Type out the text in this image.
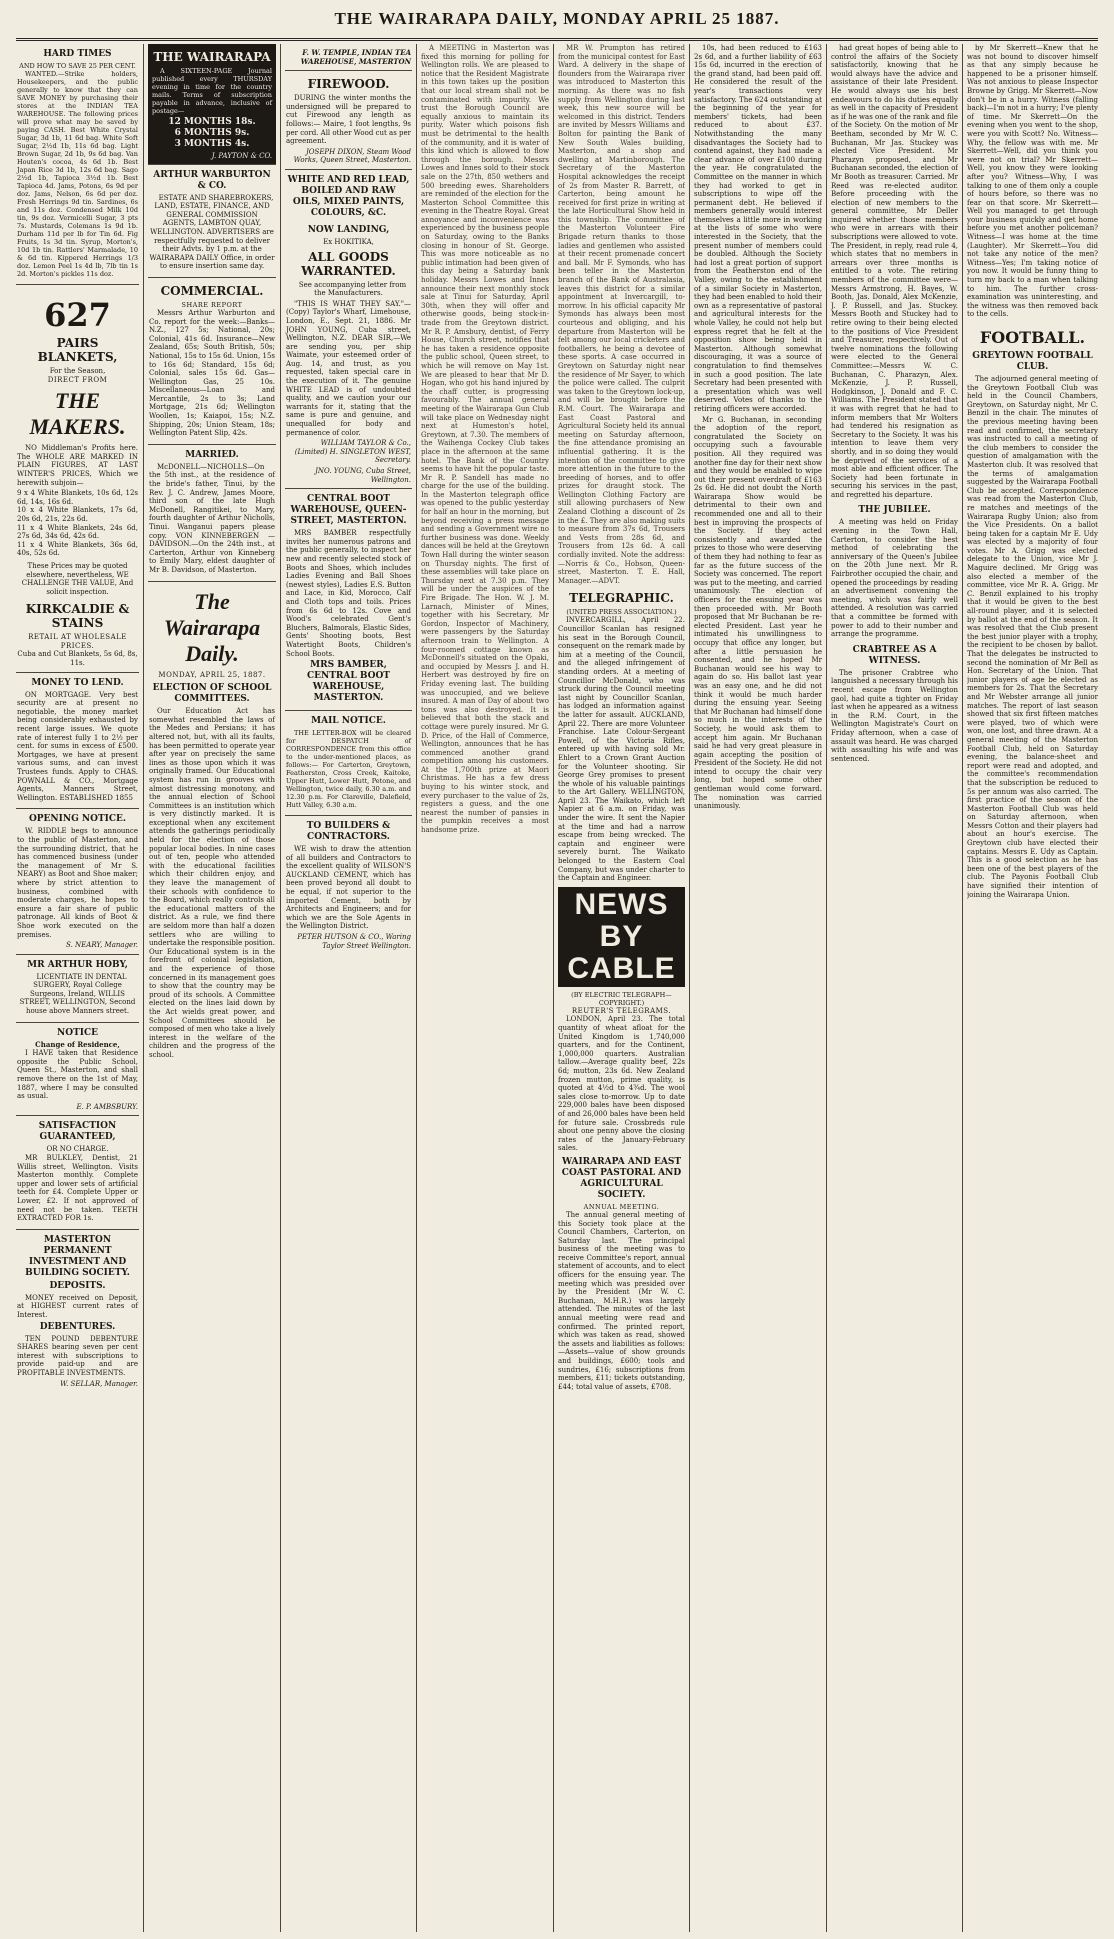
THE WAIRARAPA DAILY, MONDAY APRIL 25 1887.
HARD TIMES
AND HOW TO SAVE 25 PER CENT.
WANTED.—Strike holders, Housekeepers, and the public generally to know that they can SAVE MONEY by purchasing their stores at the INDIAN TEA WAREHOUSE. The following prices will prove what may be saved by paying CASH. Best White Crystal Sugar, 3d 1b, 11 6d bag. White Soft Sugar, 2½d 1b, 11s 6d bag. Light Brown Sugar, 2d 1b, 9s 6d bag. Van Houten's cocoa, 4s 6d 1b. Best Japan Rice 3d 1b, 12s 6d bag. Sago 2½d 1b, Tapioca 3½d 1b. Best Tapioca 4d. Jams, Potons, 6s 9d per doz. Jams, Nelson, 6s 6d per doz. Fresh Herrings 9d tin. Sardines, 6s and 11s doz. Condensed Milk 10d tin, 9s doz. Vermicelli Sugar, 3 pts 7s. Mustards, Colemans 1s 9d 1b. Durham 11d per lb for Tin 6d. Fig Fruits, 1s 3d tin. Syrup, Morton's, 10d 1b tin. Rattlers' Marmalade, 10 & 6d tin. Kippered Herrings 1/3 doz. Lemon Peel 1s 4d lb, 7lb tin 1s 2d. Morton's pickles 11s doz.
627
PAIRS BLANKETS,
For the Season,
DIRECT FROM
THE MAKERS.
NO Middleman's Profits here. The WHOLE ARE MARKED IN PLAIN FIGURES, AT LAST WINTER'S PRICES, Which we herewith subjoin—
9 x 4 White Blankets, 10s 6d, 12s 6d, 14s, 16s 6d.
10 x 4 White Blankets, 17s 6d, 20s 6d, 21s, 22s 6d.
11 x 4 White Blankets, 24s 6d, 27s 6d, 34s 6d, 42s 6d.
11 x 4 White Blankets, 36s 6d, 40s, 52s 6d.
These Prices may be quoted elsewhere, nevertheless, WE CHALLENGE THE VALUE, And solicit inspection.
KIRKCALDIE & STAINS
RETAIL AT WHOLESALE PRICES.
Cuba and Cut Blankets, 5s 6d, 8s, 11s.
MONEY TO LEND.
ON MORTGAGE. Very best security are at present no negotiable, the money market being considerably exhausted by recent large issues. We quote rate of interest fully 1 to 2½ per cent. for sums in excess of £500. Mortgages, we have at present various sums, and can invest Trustees funds. Apply to CHAS. POWNALL & CO., Mortgage Agents, Manners Street, Wellington. ESTABLISHED 1855
OPENING NOTICE.
W. RIDDLE begs to announce to the public of Masterton, and the surrounding district, that he has commenced business (under the management of Mr S. NEARY) as Boot and Shoe maker; where by strict attention to business, combined with moderate charges, he hopes to ensure a fair share of public patronage. All kinds of Boot & Shoe work executed on the premises.
S. NEARY, Manager.
MR ARTHUR HOBY,
LICENTIATE IN DENTAL SURGERY, Royal College Surgeons, Ireland, WILLIS STREET, WELLINGTON, Second house above Manners street.
NOTICE
Change of Residence,
I HAVE taken that Residence opposite the Public School, Queen St., Masterton, and shall remove there on the 1st of May, 1887, where I may be consulted as usual.
E. P. AMBSBURY.
SATISFACTION GUARANTEED,
OR NO CHARGE.
MR BULKLEY, Dentist, 21 Willis street, Wellington. Visits Masterton monthly. Complete upper and lower sets of artificial teeth for £4. Complete Upper or Lower, £2. If not approved of need not be taken. TEETH EXTRACTED FOR 1s.
MASTERTON PERMANENT INVESTMENT AND BUILDING SOCIETY.
DEPOSITS.
MONEY received on Deposit, at HIGHEST current rates of Interest.
DEBENTURES.
TEN POUND DEBENTURE SHARES bearing seven per cent interest with subscriptions to provide paid-up and are PROFITABLE INVESTMENTS.
W. SELLAR, Manager.
THE WAIRARAPA
A SIXTEEN-PAGE Journal published every THURSDAY evening in time for the country mails. Terms of subscription payable in advance, inclusive of postage—
12 MONTHS 18s.
6 MONTHS 9s.
3 MONTHS 4s.
J. PAYTON & CO.
ARTHUR WARBURTON & CO.
ESTATE AND SHAREBROKERS, LAND, ESTATE, FINANCE, AND GENERAL COMMISSION AGENTS, LAMBTON QUAY, WELLINGTON. ADVERTISERS are respectfully requested to deliver their Advts. by 1 p.m. at the WAIRARAPA DAILY Office, in order to ensure insertion same day.
COMMERCIAL.
SHARE REPORT
Messrs Arthur Warburton and Co. report for the week:—Banks—N.Z., 127 5s; National, 20s; Colonial, 41s 6d. Insurance—New Zealand, 65s; South British, 50s; National, 15s to 15s 6d. Union, 15s to 16s 6d; Standard, 15s 6d; Colonial, sales 15s 6d. Gas—Wellington Gas, 25 10s. Miscellaneous—Loan and Mercantile, 2s to 3s; Land Mortgage, 21s 6d; Wellington Woollen, 1s; Kaiapoi, 15s; N.Z. Shipping, 20s; Union Steam, 18s; Wellington Patent Slip, 42s.
MARRIED.
McDONELL—NICHOLLS—On the 5th inst., at the residence of the bride's father, Tinui, by the Rev. J. C. Andrew, James Moore, third son of the late Hugh McDonell, Rangitikei, to Mary, fourth daughter of Arthur Nicholls, Tinui. Wanganui papers please copy. VON KINNEBERGEN — DAVIDSON.—On the 24th inst., at Carterton, Arthur von Kinneberg to Emily Mary, eldest daughter of Mr B. Davidson, of Masterton.
The Wairarapa Daily.
MONDAY, APRIL 25, 1887.
ELECTION OF SCHOOL COMMITTEES.
Our Education Act has somewhat resembled the laws of the Medes and Persians; it has altered not, but, with all its faults, has been permitted to operate year after year on precisely the same lines as those upon which it was originally framed. Our Educational system has run in grooves with almost distressing monotony, and the annual election of School Committees is an institution which is very distinctly marked. It is exceptional when any excitement attends the gatherings periodically held for the election of those popular local bodies. In nine cases out of ten, people who attended with the educational facilities which their children enjoy, and they leave the management of their schools with confidence to the Board, which really controls all the educational matters of the district. As a rule, we find there are seldom more than half a dozen settlers who are willing to undertake the responsible position. Our Educational system is in the forefront of colonial legislation, and the experience of those concerned in its management goes to show that the country may be proud of its schools. A Committee elected on the lines laid down by the Act wields great power, and School Committees should be composed of men who take a lively interest in the welfare of the children and the progress of the school.
F. W. TEMPLE, INDIAN TEA WAREHOUSE, MASTERTON
FIREWOOD.
DURING the winter months the undersigned will be prepared to cut Firewood any length as follows:— Maire, 1 foot lengths, 9s per cord. All other Wood cut as per agreement.
JOSEPH DIXON, Steam Wood Works, Queen Street, Masterton.
WHITE AND RED LEAD, BOILED AND RAW OILS, MIXED PAINTS, COLOURS, &C.
NOW LANDING,
Ex HOKITIKA,
ALL GOODS WARRANTED.
See accompanying letter from the Manufacturers.
"THIS IS WHAT THEY SAY."— (Copy) Taylor's Wharf, Limehouse, London, E., Sept. 21, 1886. Mr JOHN YOUNG, Cuba street, Wellington, N.Z. DEAR SIR,—We are sending you, per ship Waimate, your esteemed order of Aug. 14, and trust, as you requested, taken special care in the execution of it. The genuine WHITE LEAD is of undoubted quality, and we caution your our warrants for it, stating that the same is pure and genuine, and unequalled for body and permanence of color.
WILLIAM TAYLOR & Co., (Limited) H. SINGLETON WEST, Secretary.
JNO. YOUNG, Cuba Street, Wellington.
CENTRAL BOOT WAREHOUSE, QUEEN-STREET, MASTERTON.
MRS BAMBER respectfully invites her numerous patrons and the public generally, to inspect her new and recently selected stock of Boots and Shoes, which includes Ladies Evening and Ball Shoes (newest styles), Ladies E.S. Button and Lace, in Kid, Morocco, Calf and Cloth tops and toils. Prices from 6s 6d to 12s. Cove and Wood's celebrated Gent's Bluchers, Balmorals, Elastic Sides, Gents' Shooting boots, Best Watertight Boots, Children's School Boots.
MRS BAMBER, CENTRAL BOOT WAREHOUSE, MASTERTON.
MAIL NOTICE.
THE LETTER-BOX will be cleared for DESPATCH of CORRESPONDENCE from this office to the under-mentioned places, as follows:— For Carterton, Greytown, Featherston, Cross Creek, Kaitoke, Upper Hutt, Lower Hutt, Petone, and Wellington, twice daily, 6.30 a.m. and 12.30 p.m. For Clareville, Dalefield, Hutt Valley, 6.30 a.m.
TO BUILDERS & CONTRACTORS.
WE wish to draw the attention of all builders and Contractors to the excellent quality of WILSON'S AUCKLAND CEMENT, which has been proved beyond all doubt to be equal, if not superior to the imported Cement, both by Architects and Engineers; and for which we are the Sole Agents in the Wellington District.
PETER HUTSON & CO., Waring Taylor Street Wellington.
A MEETING in Masterton was fixed this morning for polling for Wellington rolls. We are pleased to notice that the Resident Magistrate in this town takes up the position that our local stream shall not be contaminated with impurity. We trust the Borough Council are equally anxious to maintain its purity. Water which poisons fish must be detrimental to the health of the community, and it is water of this kind which is allowed to flow through the borough. Messrs Lowes and Innes sold to their stock sale on the 27th, 850 wethers and 500 breeding ewes. Shareholders are reminded of the election for the Masterton School Committee this evening in the Theatre Royal. Great annoyance and inconvenience was experienced by the business people on Saturday, owing to the Banks closing in honour of St. George. This was more noticeable as no public intimation had been given of this day being a Saturday bank holiday. Messrs Lowes and Innes announce their next monthly stock sale at Tinui for Saturday, April 30th, when they will offer and otherwise goods, being stock-in-trade from the Greytown district. Mr R. P. Amsbury, dentist, of Ferry House, Church street, notifies that he has taken a residence opposite the public school, Queen street, to which he will remove on May 1st. We are pleased to hear that Mr D. Hogan, who got his hand injured by the chaff cutter, is progressing favourably. The annual general meeting of the Wairarapa Gun Club will take place on Wednesday night next at Humeston's hotel, Greytown, at 7.30. The members of the Waihenga Cockey Club takes place in the afternoon at the same hotel. The Bank of the Country seems to have hit the popular taste. Mr R. P. Sandell has made no charge for the use of the building. In the Masterton telegraph office was opened to the public yesterday for half an hour in the morning, but beyond receiving a press message and sending a Government wire no further business was done. Weekly dances will be held at the Greytown Town Hall during the winter season on Thursday nights. The first of these assemblies will take place on Thursday next at 7.30 p.m. They will be under the auspices of the Fire Brigade. The Hon. W. J. M. Larnach, Minister of Mines, together with his Secretary, Mr Gordon, Inspector of Machinery, were passengers by the Saturday afternoon train to Wellington. A four-roomed cottage known as McDonnell's situated on the Opaki, and occupied by Messrs J. and H. Herbert was destroyed by fire on Friday evening last. The building was unoccupied, and we believe insured. A man of Day of about two tons was also destroyed. It is believed that both the stack and cottage were purely insured. Mr G. D. Price, of the Hall of Commerce, Wellington, announces that he has commenced another grand competition among his customers. At the 1,700th prize at Maori Christmas. He has a few dress buying to his winter stock, and every purchaser to the value of 2s, registers a guess, and the one nearest the number of pansies in the pumpkin receives a most handsome prize.
MR W. Prumpton has retired from the municipal contest for East Ward. A delivery in the shape of flounders from the Wairarapa river was introduced to Masterton this morning. As there was no fish supply from Wellington during last week, this new source will be welcomed in this district. Tenders are invited by Messrs Williams and Bolton for painting the Bank of New South Wales building, Masterton, and a shop and dwelling at Martinborough. The Secretary of the Masterton Hospital acknowledges the receipt of 2s from Master R. Barrett, of Carterton, being amount he received for first prize in writing at the late Horticultural Show held in this township. The committee of the Masterton Volunteer Fire Brigade return thanks to those ladies and gentlemen who assisted at their recent promenade concert and ball. Mr F. Symonds, who has been teller in the Masterton branch of the Bank of Australasia, leaves this district for a similar appointment at Invercargill, to-morrow. In his official capacity Mr Symonds has always been most courteous and obliging, and his departure from Masterton will be felt among our local cricketers and footballers, he being a devotee of these sports. A case occurred in Greytown on Saturday night near the residence of Mr Sayer, to which the police were called. The culprit was taken to the Greytown lock-up, and will be brought before the R.M. Court. The Wairarapa and East Coast Pastoral and Agricultural Society held its annual meeting on Saturday afternoon, the fine attendance promising an influential gathering. It is the intention of the committee to give more attention in the future to the breeding of horses, and to offer prizes for draught stock. The Wellington Clothing Factory are still allowing purchasers of New Zealand Clothing a discount of 2s in the £. They are also making suits to measure from 37s 6d, Trousers and Vests from 28s 6d, and Trousers from 12s 6d. A call cordially invited. Note the address:—Norris & Co., Hobson, Queen-street, Masterton. T. E. Hall, Manager.—ADVT.
TELEGRAPHIC.
(UNITED PRESS ASSOCIATION.)
INVERCARGILL, April 22. Councillor Scanlan has resigned his seat in the Borough Council, consequent on the remark made by him at a meeting of the Council, and the alleged infringement of standing orders. At a meeting of Councillor McDonald, who was struck during the Council meeting last night by Councillor Scanlan, has lodged an information against the latter for assault. AUCKLAND, April 22. There are more Volunteer Franchise. Late Colour-Sergeant Powell, of the Victoria Rifles, entered up with having sold Mr. Ehlert to a Crown Grant Auction for the Volunteer shooting. Sir George Grey promises to present the whole of his valuable paintings to the Art Gallery. WELLINGTON, April 23. The Waikato, which left Napier at 6 a.m. on Friday, was under the wire. It sent the Napier at the time and had a narrow escape from being wrecked. The captain and engineer were severely burnt. The Waikato belonged to the Eastern Coal Company, but was under charter to the Captain and Engineer.
NEWS BY CABLE
(BY ELECTRIC TELEGRAPH—COPYRIGHT.)
REUTER'S TELEGRAMS.
LONDON, April 23. The total quantity of wheat afloat for the United Kingdom is 1,740,000 quarters, and for the Continent, 1,000,000 quarters. Australian tallow.—Average quality beef, 22s 6d; mutton, 23s 6d. New Zealand frozen mutton, prime quality, is quoted at 4½d to 4¾d. The wool sales close to-morrow. Up to date 229,000 bales have been disposed of and 26,000 bales have been held for future sale. Crossbreds rule about one penny above the closing rates of the January-February sales.
WAIRARAPA AND EAST COAST PASTORAL AND AGRICULTURAL SOCIETY.
ANNUAL MEETING.
The annual general meeting of this Society took place at the Council Chambers, Carterton, on Saturday last. The principal business of the meeting was to receive Committee's report, annual statement of accounts, and to elect officers for the ensuing year. The meeting which was presided over by the President (Mr W. C. Buchanan, M.H.R.) was largely attended. The minutes of the last annual meeting were read and confirmed. The printed report, which was taken as read, showed the assets and liabilities as follows:—Assets—value of show grounds and buildings, £600; tools and sundries, £16; subscriptions from members, £11; tickets outstanding, £44; total value of assets, £708.
10s, had been reduced to £163 2s 6d, and a further liability of £63 15s 6d, incurred in the erection of the grand stand, had been paid off. He considered the result of the year's transactions very satisfactory. The 624 outstanding at the beginning of the year for members' tickets, had been reduced to about £37. Notwithstanding the many disadvantages the Society had to contend against, they had made a clear advance of over £100 during the year. He congratulated the Committee on the manner in which they had worked to get in subscriptions to wipe off the permanent debt. He believed if members generally would interest themselves a little more in working at the lists of some who were interested in the Society, that the present number of members could be doubled. Although the Society had lost a great portion of support from the Featherston end of the Valley, owing to the establishment of a similar Society in Masterton, they had been enabled to hold their own as a representative of pastoral and agricultural interests for the whole Valley, he could not help but express regret that he felt at the opposition show being held in Masterton. Although somewhat discouraging, it was a source of congratulation to find themselves in such a good position. The late Secretary had been presented with a presentation which was well deserved. Votes of thanks to the retiring officers were accorded.
Mr G. Buchanan, in seconding the adoption of the report, congratulated the Society on occupying such a favourable position. All they required was another fine day for their next show and they would be enabled to wipe out their present overdraft of £163 2s 6d. He did not doubt the North Wairarapa Show would be detrimental to their own and recommended one and all to their best in improving the prospects of the Society. If they acted consistently and awarded the prizes to those who were deserving of them they had nothing to fear as far as the future success of the Society was concerned. The report was put to the meeting, and carried unanimously. The election of officers for the ensuing year was then proceeded with. Mr Booth proposed that Mr Buchanan be re-elected President. Last year he intimated his unwillingness to occupy that office any longer, but after a little persuasion he consented, and he hoped Mr Buchanan would see his way to again do so. His ballot last year was an easy one, and he did not think it would be much harder during the ensuing year. Seeing that Mr Buchanan had himself done so much in the interests of the Society, he would ask them to accept him again. Mr Buchanan said he had very great pleasure in again accepting the position of President of the Society. He did not intend to occupy the chair very long, but hoped some other gentleman would come forward. The nomination was carried unanimously.
had great hopes of being able to control the affairs of the Society satisfactorily, knowing that he would always have the advice and assistance of their late President. He would always use his best endeavours to do his duties equally as well in the capacity of President as if he was one of the rank and file of the Society. On the motion of Mr Beetham, seconded by Mr W. C. Buchanan, Mr Jas. Stuckey was elected Vice President. Mr Pharazyn proposed, and Mr Buchanan seconded, the election of Mr Booth as treasurer. Carried. Mr Reed was re-elected auditor. Before proceeding with the election of new members to the general committee, Mr Deller inquired whether those members who were in arrears with their subscriptions were allowed to vote. The President, in reply, read rule 4, which states that no members in arrears over three months is entitled to a vote. The retiring members of the committee were—Messrs Armstrong, H. Bayes, W. Booth, Jas. Donald, Alex McKenzie, J. P. Russell, and Jas. Stuckey. Messrs Booth and Stuckey had to retire owing to their being elected to the positions of Vice President and Treasurer, respectively. Out of twelve nominations the following were elected to the General Committee:—Messrs W. C. Buchanan, C. Pharazyn, Alex. McKenzie, J. P. Russell, Hodgkinson, J. Donald and F. C. Williams. The President stated that it was with regret that he had to inform members that Mr Wolters had tendered his resignation as Secretary to the Society. It was his intention to leave them very shortly, and in so doing they would be deprived of the services of a most able and efficient officer. The Society had been fortunate in securing his services in the past, and regretted his departure.
THE JUBILEE.
A meeting was held on Friday evening in the Town Hall, Carterton, to consider the best method of celebrating the anniversary of the Queen's Jubilee on the 20th June next. Mr R. Fairbrother occupied the chair, and opened the proceedings by reading an advertisement convening the meeting, which was fairly well attended. A resolution was carried that a committee be formed with power to add to their number and arrange the programme.
CRABTREE AS A WITNESS.
The prisoner Crabtree who languished a necessary through his recent escape from Wellington gaol, had quite a tighter on Friday last when he appeared as a witness in the R.M. Court, in the Wellington Magistrate's Court on Friday afternoon, when a case of assault was heard. He was charged with assaulting his wife and was sentenced.
by Mr Skerrett—Knew that he was not bound to discover himself as that any simply because he happened to be a prisoner himself. Was not anxious to please Inspector Browne by Grigg. Mr Skerrett—Now don't be in a hurry. Witness (falling back)—I'm not in a hurry; I've plenty of time. Mr Skerrett—On the evening when you went to the shop, were you with Scott? No. Witness—Why, the fellow was with me. Mr Skerrett—Well, did you think you were not on trial? Mr Skerrett—Well, you know they were looking after you? Witness—Why, I was talking to one of them only a couple of hours before, so there was no fear on that score. Mr Skerrett—Well you managed to get through your business quickly and get home before you met another policeman? Witness—I was home at the time (Laughter). Mr Skerrett—You did not take any notice of the men? Witness—Yes; I'm taking notice of you now. It would be funny thing to turn my back to a man when talking to him. The further cross-examination was uninteresting, and the witness was then removed back to the cells.
FOOTBALL.
GREYTOWN FOOTBALL CLUB.
The adjourned general meeting of the Greytown Football Club was held in the Council Chambers, Greytown, on Saturday night, Mr C. Benzil in the chair. The minutes of the previous meeting having been read and confirmed, the secretary was instructed to call a meeting of the club members to consider the question of amalgamation with the Masterton club. It was resolved that the terms of amalgamation suggested by the Wairarapa Football Club be accepted. Correspondence was read from the Masterton Club, re matches and meetings of the Wairarapa Rugby Union; also from the Vice Presidents. On a ballot being taken for a captain Mr E. Udy was elected by a majority of four votes. Mr A. Grigg was elected delegate to the Union, vice Mr J. Maguire declined. Mr Grigg was also elected a member of the committee, vice Mr R. A. Grigg. Mr C. Benzil explained to his trophy that it would be given to the best all-round player, and it is selected by ballot at the end of the season. It was resolved that the Club present the best junior player with a trophy, the recipient to be chosen by ballot. That the delegates be instructed to second the nomination of Mr Bell as Hon. Secretary of the Union. That junior players of age be elected as members for 2s. That the Secretary and Mr Webster arrange all junior matches. The report of last season showed that six first fifteen matches were played, two of which were won, one lost, and three drawn. At a general meeting of the Masterton Football Club, held on Saturday evening, the balance-sheet and report were read and adopted, and the committee's recommendation that the subscription be reduced to 5s per annum was also carried. The first practice of the season of the Masterton Football Club was held on Saturday afternoon, when Messrs Cotton and their players had about an hour's exercise. The Greytown club have elected their captains. Messrs E. Udy as Captain. This is a good selection as he has been one of the best players of the club. The Payonis Football Club have signified their intention of joining the Wairarapa Union.
